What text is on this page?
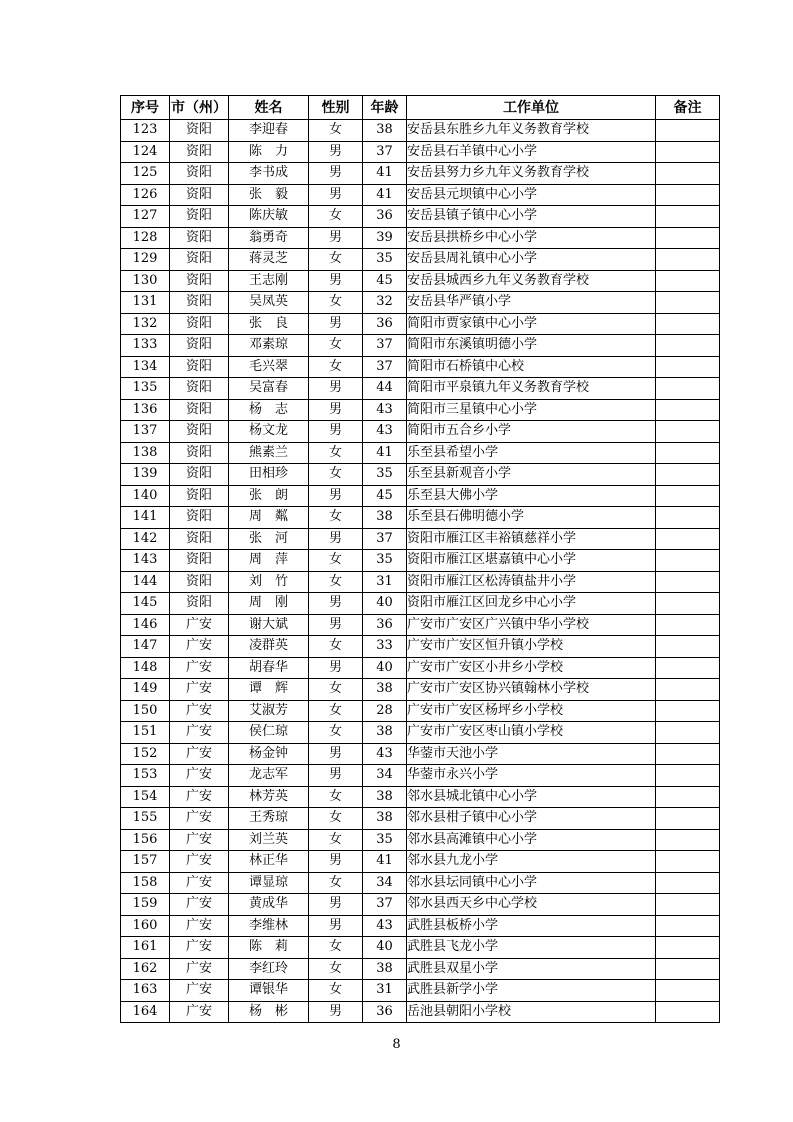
序号	市（州）	姓名	性别	年龄	工作单位	备注
123	资阳	李迎春	女	38	安岳县东胜乡九年义务教育学校	
124	资阳	陈　力	男	37	安岳县石羊镇中心小学	
125	资阳	李书成	男	41	安岳县努力乡九年义务教育学校	
126	资阳	张　毅	男	41	安岳县元坝镇中心小学	
127	资阳	陈庆敏	女	36	安岳县镇子镇中心小学	
128	资阳	翁勇奇	男	39	安岳县拱桥乡中心小学	
129	资阳	蒋灵芝	女	35	安岳县周礼镇中心小学	
130	资阳	王志刚	男	45	安岳县城西乡九年义务教育学校	
131	资阳	吴凤英	女	32	安岳县华严镇小学	
132	资阳	张　良	男	36	简阳市贾家镇中心小学	
133	资阳	邓素琼	女	37	简阳市东溪镇明德小学	
134	资阳	毛兴翠	女	37	简阳市石桥镇中心校	
135	资阳	吴富春	男	44	简阳市平泉镇九年义务教育学校	
136	资阳	杨　志	男	43	简阳市三星镇中心小学	
137	资阳	杨文龙	男	43	简阳市五合乡小学	
138	资阳	熊素兰	女	41	乐至县希望小学	
139	资阳	田相珍	女	35	乐至县新观音小学	
140	资阳	张　朗	男	45	乐至县大佛小学	
141	资阳	周　粼	女	38	乐至县石佛明德小学	
142	资阳	张　河	男	37	资阳市雁江区丰裕镇慈祥小学	
143	资阳	周　萍	女	35	资阳市雁江区堪嘉镇中心小学	
144	资阳	刘　竹	女	31	资阳市雁江区松涛镇盐井小学	
145	资阳	周　刚	男	40	资阳市雁江区回龙乡中心小学	
146	广安	谢大斌	男	36	广安市广安区广兴镇中华小学校	
147	广安	凌群英	女	33	广安市广安区恒升镇小学校	
148	广安	胡春华	男	40	广安市广安区小井乡小学校	
149	广安	谭　辉	女	38	广安市广安区协兴镇翰林小学校	
150	广安	艾淑芳	女	28	广安市广安区杨坪乡小学校	
151	广安	侯仁琼	女	38	广安市广安区枣山镇小学校	
152	广安	杨金钟	男	43	华蓥市天池小学	
153	广安	龙志军	男	34	华蓥市永兴小学	
154	广安	林芳英	女	38	邻水县城北镇中心小学	
155	广安	王秀琼	女	38	邻水县柑子镇中心小学	
156	广安	刘兰英	女	35	邻水县高滩镇中心小学	
157	广安	林正华	男	41	邻水县九龙小学	
158	广安	谭显琼	女	34	邻水县坛同镇中心小学	
159	广安	黄成华	男	37	邻水县西天乡中心学校	
160	广安	李维林	男	43	武胜县板桥小学	
161	广安	陈　莉	女	40	武胜县飞龙小学	
162	广安	李红玲	女	38	武胜县双星小学	
163	广安	谭银华	女	31	武胜县新学小学	
164	广安	杨　彬	男	36	岳池县朝阳小学校	
8
